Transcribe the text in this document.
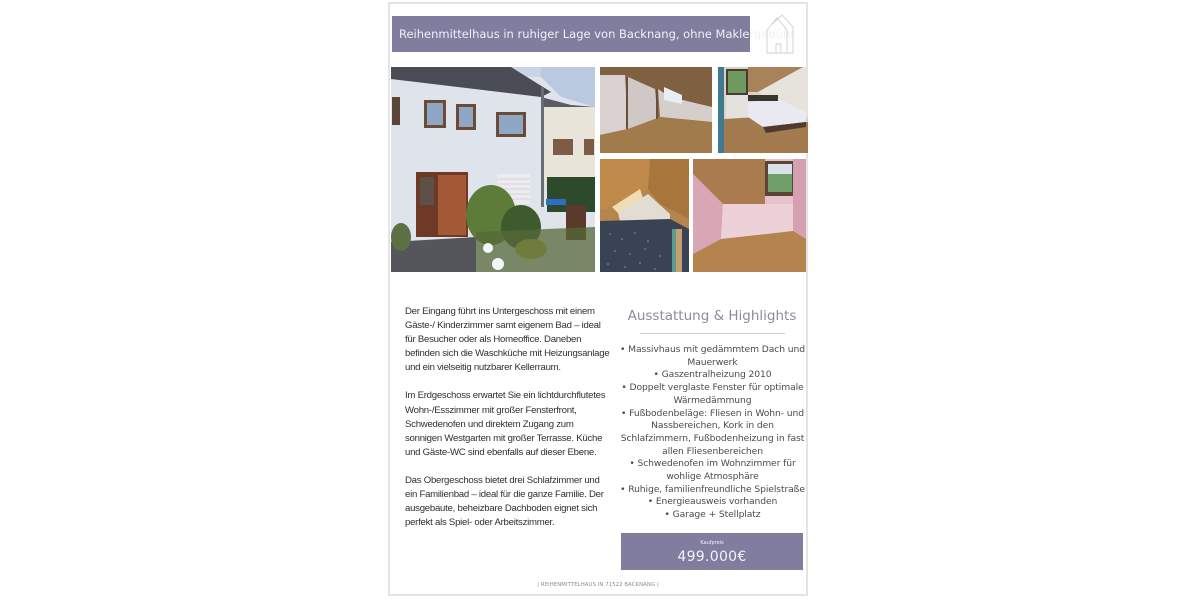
Reihenmittelhaus in ruhiger Lage von Backnang, ohne Maklergebühr

Der Eingang führt ins Untergeschoss mit einem Gäste-/ Kinderzimmer samt eigenem Bad – ideal für Besucher oder als Homeoffice. Daneben befinden sich die Waschküche mit Heizungsanlage und ein vielseitig nutzbarer Kellerraum.

Im Erdgeschoss erwartet Sie ein lichtdurchflutetes Wohn-/Esszimmer mit großer Fensterfront, Schwedenofen und direktem Zugang zum sonnigen Westgarten mit großer Terrasse. Küche und Gäste-WC sind ebenfalls auf dieser Ebene.

Das Obergeschoss bietet drei Schlafzimmer und ein Familienbad – ideal für die ganze Familie. Der ausgebaute, beheizbare Dachboden eignet sich perfekt als Spiel- oder Arbeitszimmer.

Ausstattung & Highlights
• Massivhaus mit gedämmtem Dach und Mauerwerk
• Gaszentralheizung 2010
• Doppelt verglaste Fenster für optimale Wärmedämmung
• Fußbodenbeläge: Fliesen in Wohn- und Nassbereichen, Kork in den Schlafzimmern, Fußbodenheizung in fast allen Fliesenbereichen
• Schwedenofen im Wohnzimmer für wohlige Atmosphäre
• Ruhige, familienfreundliche Spielstraße
• Energieausweis vorhanden
• Garage + Stellplatz
Kaufpreis
499.000€
| REIHENMITTELHAUS IN 71522 BACKNANG |
